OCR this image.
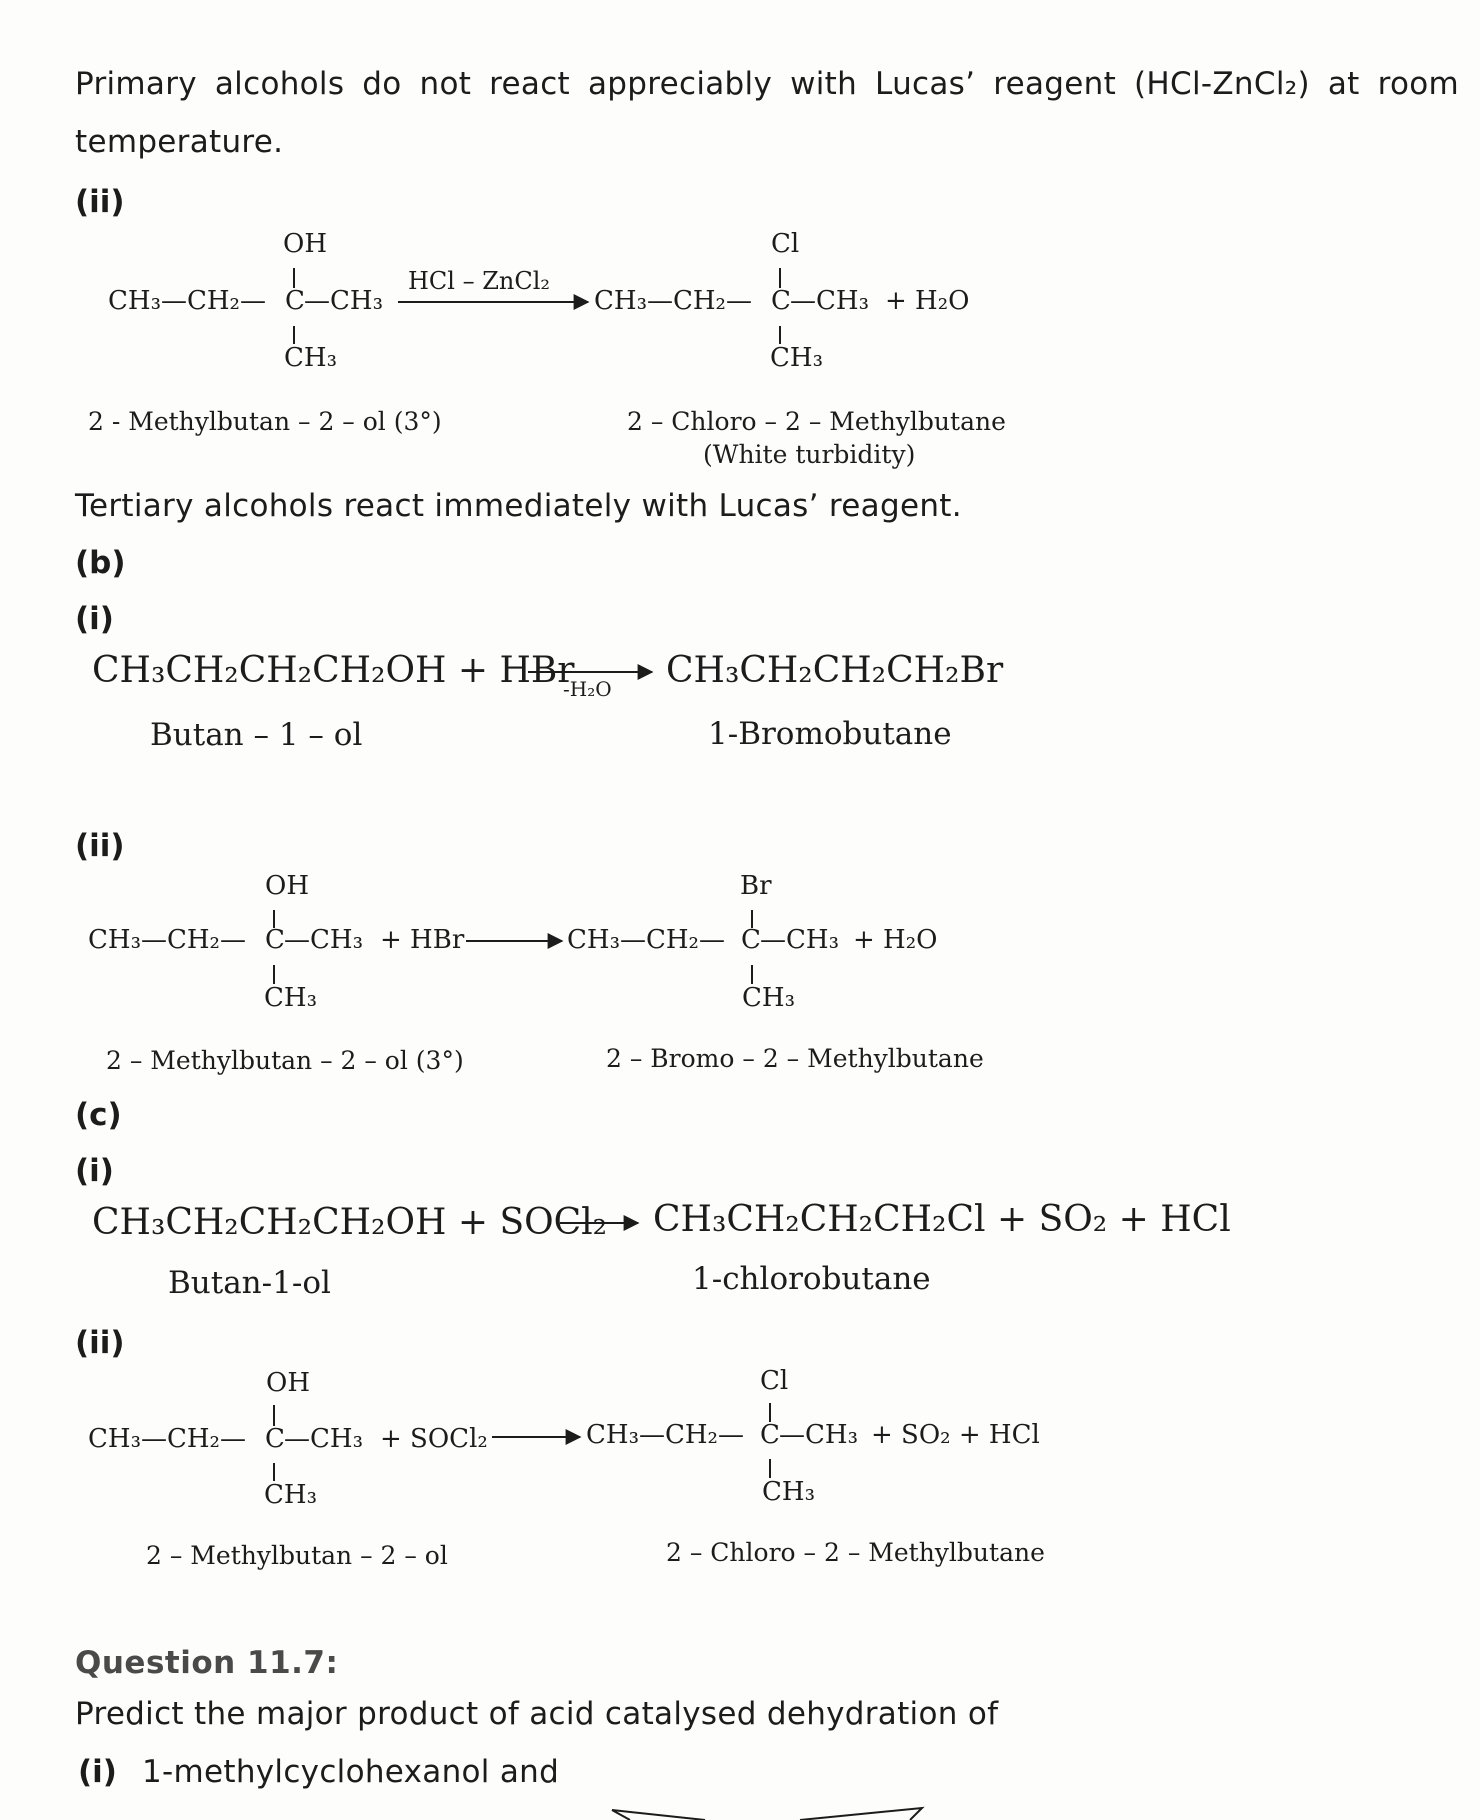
Primary alcohols do not react appreciably with Lucas’ reagent (HCl-ZnCl₂) at room
temperature.
(ii)
OH
CH₃—CH₂— C —CH₃
CH₃
HCl – ZnCl₂
Cl
CH₃—CH₂— C —CH₃ + H₂O
CH₃
2 - Methylbutan – 2 – ol (3°)	2 – Chloro – 2 – Methylbutane
(White turbidity)
Tertiary alcohols react immediately with Lucas’ reagent.
(b)
(i)
CH₃CH₂CH₂CH₂OH + HBr
-H₂O CH₃CH₂CH₂CH₂Br
Butan – 1 – ol	1-Bromobutane
(ii)
OH
CH₃—CH₂— C —CH₃ + HBr
CH₃
Br
CH₃—CH₂— C —CH₃ + H₂O
CH₃
2 – Methylbutan – 2 – ol (3°)	2 – Bromo – 2 – Methylbutane
(c)
(i)
CH₃CH₂CH₂CH₂OH + SOCl₂ CH₃CH₂CH₂CH₂Cl + SO₂ + HCl
Butan-1-ol	1-chlorobutane
(ii)
OH
CH₃—CH₂— C —CH₃ + SOCl₂
CH₃
Cl
CH₃—CH₂— C —CH₃ + SO₂ + HCl
CH₃
2 – Methylbutan – 2 – ol	2 – Chloro – 2 – Methylbutane
Question 11.7:
Predict the major product of acid catalysed dehydration of
(i) 1-methylcyclohexanol and
